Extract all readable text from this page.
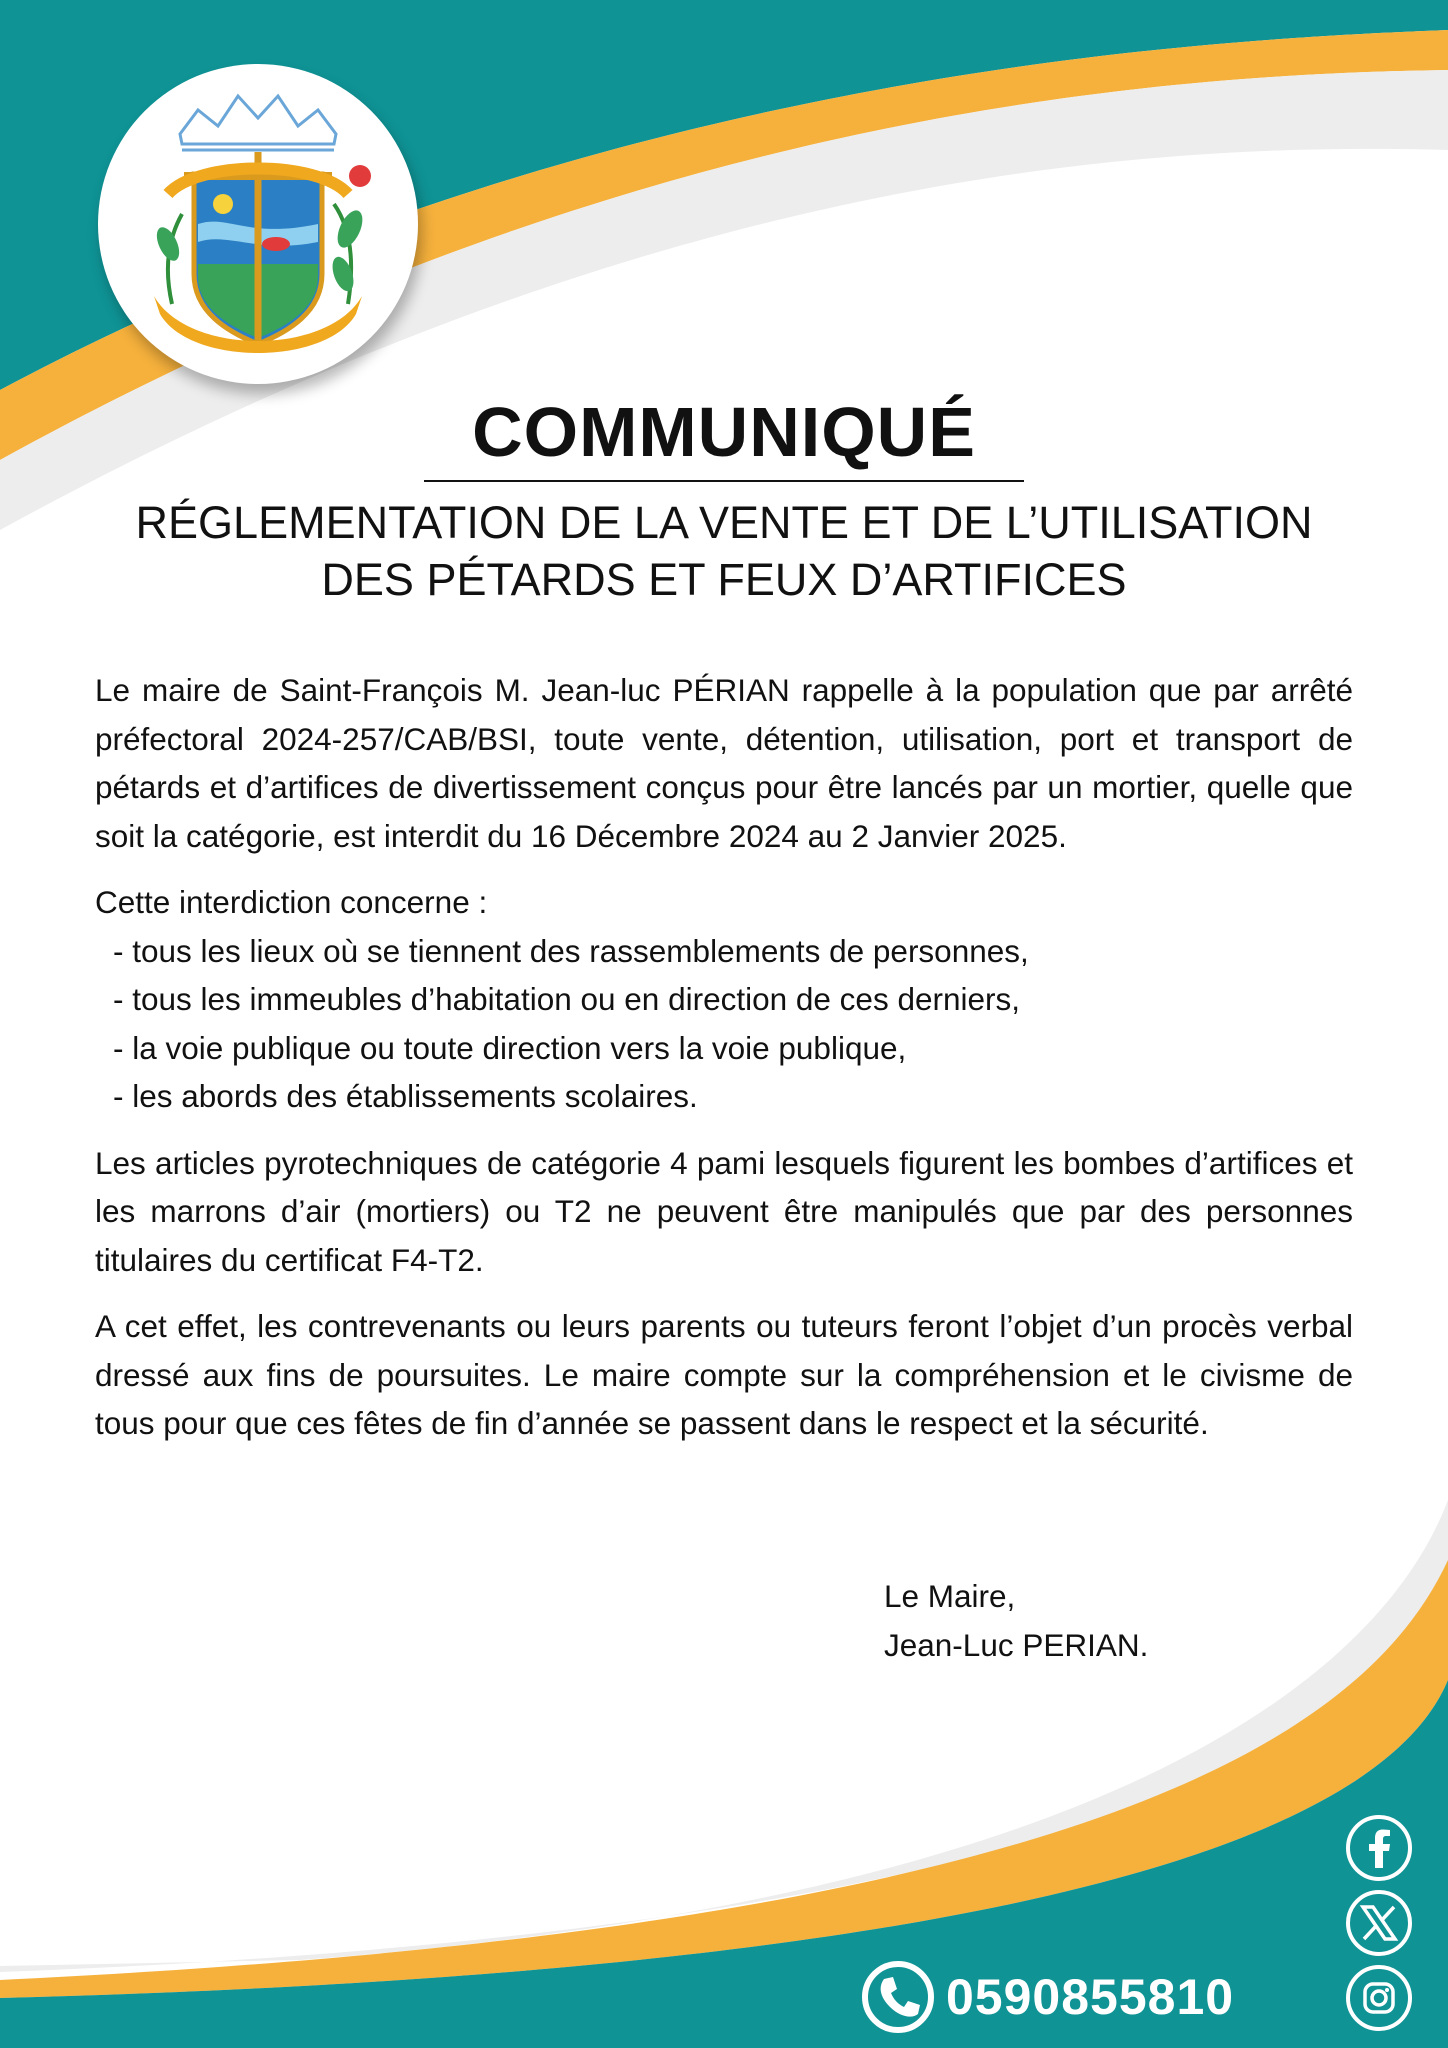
COMMUNIQUÉ
RÉGLEMENTATION DE LA VENTE ET DE L’UTILISATION
DES PÉTARDS ET FEUX D’ARTIFICES

Le maire de Saint-François M. Jean-luc PÉRIAN rappelle à la population que par arrêté préfectoral 2024-257/CAB/BSI, toute vente, détention, utilisation, port et transport de pétards et d’artifices de divertissement conçus pour être lancés par un mortier, quelle que soit la catégorie, est interdit du 16 Décembre 2024 au 2 Janvier 2025.

Cette interdiction concerne :

- tous les lieux où se tiennent des rassemblements de personnes,
- tous les immeubles d’habitation ou en direction de ces derniers,
- la voie publique ou toute direction vers la voie publique,
- les abords des établissements scolaires.

Les articles pyrotechniques de catégorie 4 pami lesquels figurent les bombes d’artifices et les marrons d’air (mortiers) ou T2 ne peuvent être manipulés que par des personnes titulaires du certificat F4-T2.

A cet effet, les contrevenants ou leurs parents ou tuteurs feront l’objet d’un procès verbal dressé aux fins de poursuites. Le maire compte sur la compréhension et le civisme de tous pour que ces fêtes de fin d’année se passent dans le respect et la sécurité.

Le Maire,
Jean-Luc PERIAN.
0590855810
